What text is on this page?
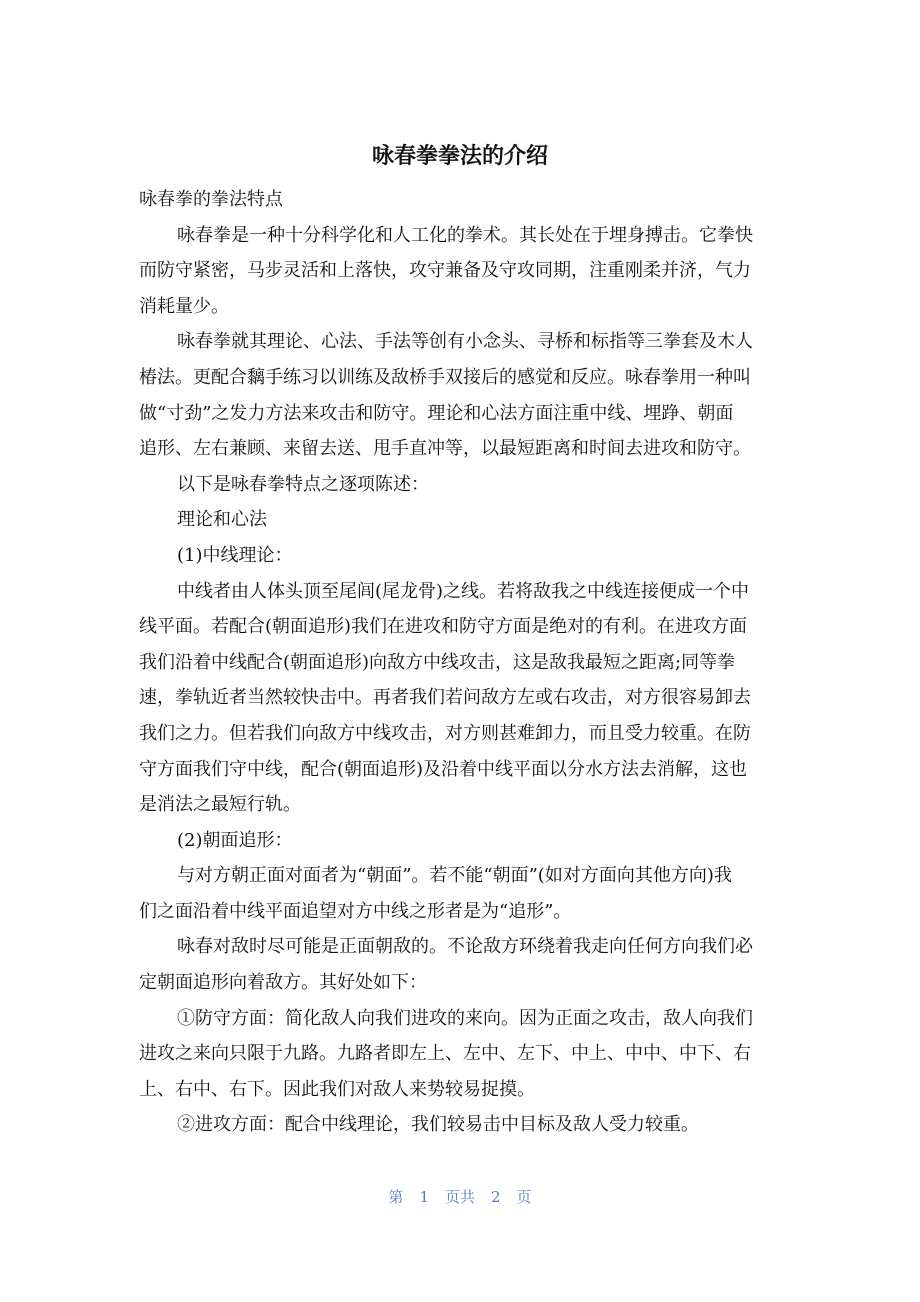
咏春拳拳法的介绍
咏春拳的拳法特点
咏春拳是一种十分科学化和人工化的拳术。其长处在于埋身搏击。它拳快
而防守紧密，马步灵活和上落快，攻守兼备及守攻同期，注重刚柔并济，气力
消耗量少。
咏春拳就其理论、心法、手法等创有小念头、寻桥和标指等三拳套及木人
椿法。更配合黐手练习以训练及敌桥手双接后的感觉和反应。咏春拳用一种叫
做“寸劲”之发力方法来攻击和防守。理论和心法方面注重中线、埋踭、朝面
追形、左右兼顾、来留去送、甩手直冲等，以最短距离和时间去进攻和防守。
以下是咏春拳特点之逐项陈述：
理论和心法
(1)中线理论：
中线者由人体头顶至尾闾(尾龙骨)之线。若将敌我之中线连接便成一个中
线平面。若配合(朝面追形)我们在进攻和防守方面是绝对的有利。在进攻方面
我们沿着中线配合(朝面追形)向敌方中线攻击，这是敌我最短之距离;同等拳
速，拳轨近者当然较快击中。再者我们若问敌方左或右攻击，对方很容易卸去
我们之力。但若我们向敌方中线攻击，对方则甚难卸力，而且受力较重。在防
守方面我们守中线，配合(朝面追形)及沿着中线平面以分水方法去消解，这也
是消法之最短行轨。
(2)朝面追形：
与对方朝正面对面者为“朝面”。若不能“朝面”(如对方面向其他方向)我
们之面沿着中线平面追望对方中线之形者是为“追形”。
咏春对敌时尽可能是正面朝敌的。不论敌方环绕着我走向任何方向我们必
定朝面追形向着敌方。其好处如下：
①防守方面：简化敌人向我们进攻的来向。因为正面之攻击，敌人向我们
进攻之来向只限于九路。九路者即左上、左中、左下、中上、中中、中下、右
上、右中、右下。因此我们对敌人来势较易捉摸。
②进攻方面：配合中线理论，我们较易击中目标及敌人受力较重。
第 1 页共 2 页
